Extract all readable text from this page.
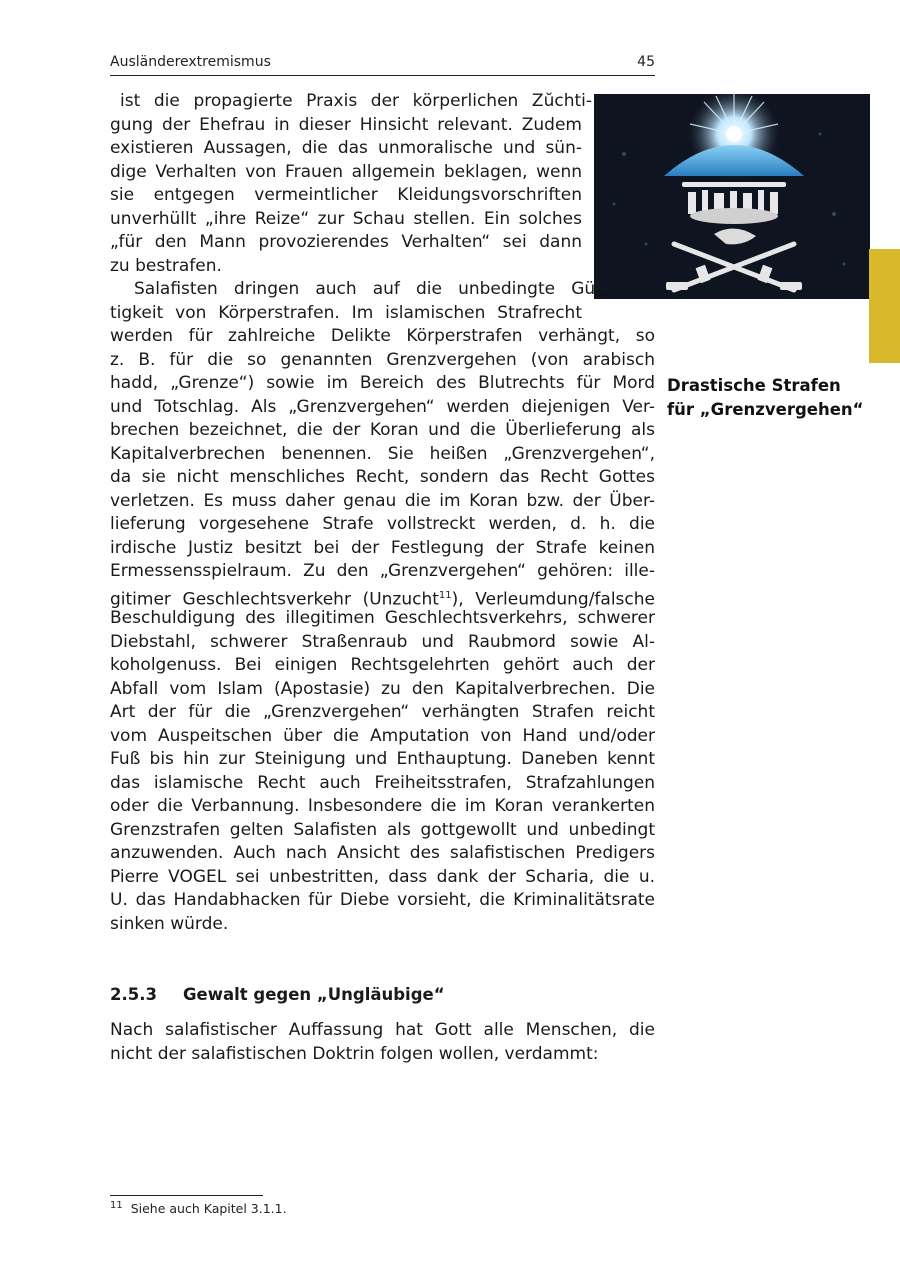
Ausländerextremismus	45
Drastische Strafen
für „Grenzvergehen“
ist die propagierte Praxis der körperlichen Zŭchti-
gung der Ehefrau in dieser Hinsicht relevant. Zudem
existieren Aussagen, die das unmoralische und sün-
dige Verhalten von Frauen allgemein beklagen, wenn
sie entgegen vermeintlicher Kleidungsvorschriften
unverhüllt „ihre Reize“ zur Schau stellen. Ein solches
„für den Mann provozierendes Verhalten“ sei dann
zu bestrafen.
Salafisten dringen auch auf die unbedingte Gül-
tigkeit von Körperstrafen. Im islamischen Strafrecht
werden für zahlreiche Delikte Körperstrafen verhängt, so
z. B. für die so genannten Grenzvergehen (von arabisch
hadd, „Grenze“) sowie im Bereich des Blutrechts für Mord
und Totschlag. Als „Grenzvergehen“ werden diejenigen Ver-
brechen bezeichnet, die der Koran und die Überlieferung als
Kapitalverbrechen benennen. Sie heißen „Grenzvergehen“,
da sie nicht menschliches Recht, sondern das Recht Gottes
verletzen. Es muss daher genau die im Koran bzw. der Über-
lieferung vorgesehene Strafe vollstreckt werden, d. h. die
irdische Justiz besitzt bei der Festlegung der Strafe keinen
Ermessensspielraum. Zu den „Grenzvergehen“ gehören: ille-
gitimer Geschlechtsverkehr (Unzucht$^{11}$), Verleumdung/falsche
Beschuldigung des illegitimen Geschlechtsverkehrs, schwerer
Diebstahl, schwerer Straßenraub und Raubmord sowie Al-
koholgenuss. Bei einigen Rechtsgelehrten gehört auch der
Abfall vom Islam (Apostasie) zu den Kapitalverbrechen. Die
Art der für die „Grenzvergehen“ verhängten Strafen reicht
vom Auspeitschen über die Amputation von Hand und/oder
Fuß bis hin zur Steinigung und Enthauptung. Daneben kennt
das islamische Recht auch Freiheitsstrafen, Strafzahlungen
oder die Verbannung. Insbesondere die im Koran verankerten
Grenzstrafen gelten Salafisten als gottgewollt und unbedingt
anzuwenden. Auch nach Ansicht des salafistischen Predigers
Pierre VOGEL sei unbestritten, dass dank der Scharia, die u.
U. das Handabhacken für Diebe vorsieht, die Kriminalitätsrate
sinken würde.
2.5.3 Gewalt gegen „Ungläubige“
Nach salafistischer Auffassung hat Gott alle Menschen, die
nicht der salafistischen Doktrin folgen wollen, verdammt:
$^{11}$ Siehe auch Kapitel 3.1.1.
